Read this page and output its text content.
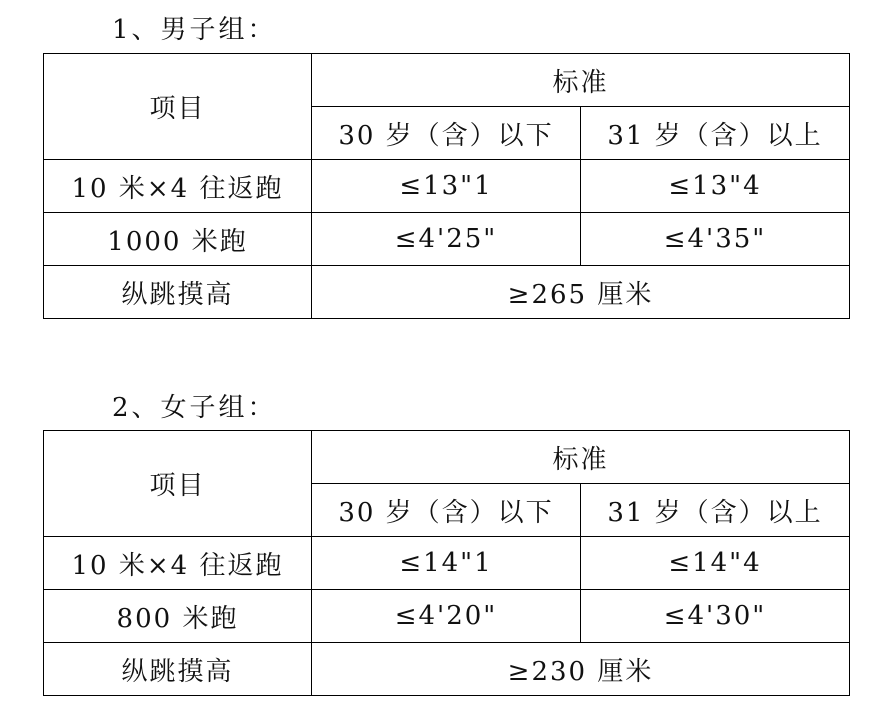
1、男子组：
项目	标准	
	30 岁（含）以下	31 岁（含）以上
10 米×4 往返跑	≤13"1	≤13"4
1000 米跑	≤4'25"	≤4'35"
纵跳摸高	≥265 厘米	
2、女子组：
项目	标准	
	30 岁（含）以下	31 岁（含）以上
10 米×4 往返跑	≤14"1	≤14"4
800 米跑	≤4'20"	≤4'30"
纵跳摸高	≥230 厘米	
